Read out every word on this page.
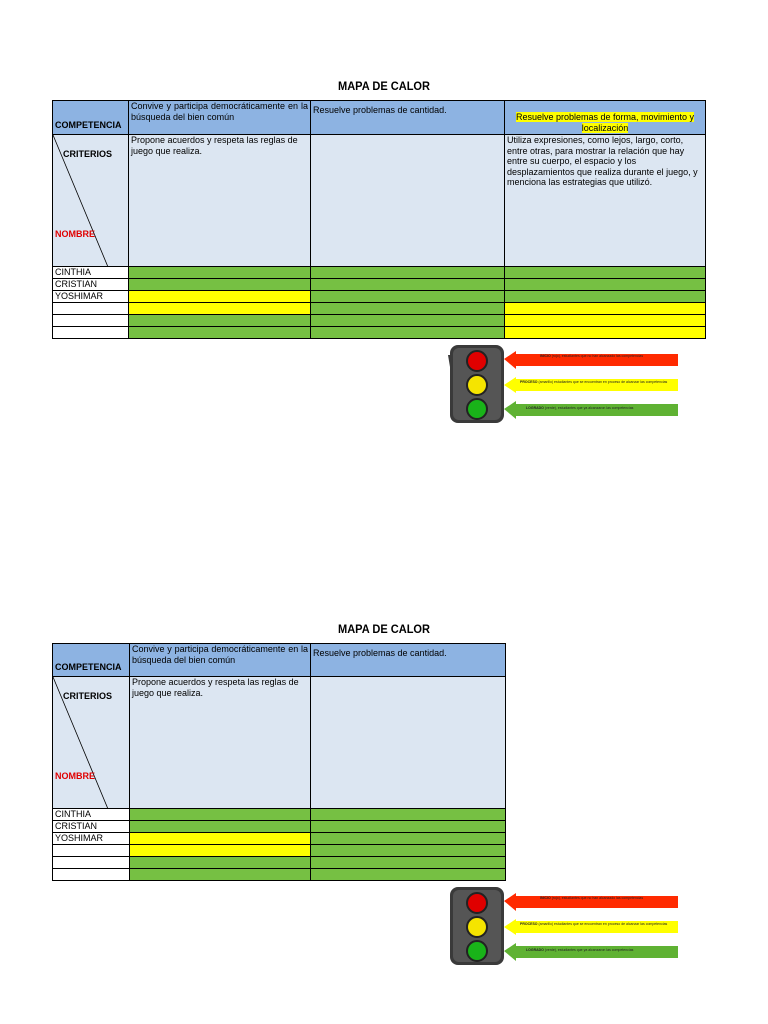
MAPA DE CALOR
COMPETENCIA	Convive y participa democráticamente en la búsqueda del bien común	Resuelve problemas de cantidad.	Resuelve problemas de forma, movimiento y localización

CRITERIOS
NOMBRE	Propone acuerdos y respeta las reglas de juego que realiza.		Utiliza expresiones, como lejos, largo, corto, entre otras, para mostrar la relación que hay entre su cuerpo, el espacio y los desplazamientos que realiza durante el juego, y menciona las estrategias que utilizó.
CINTHIA			
CRISTIAN			
YOSHIMAR			

INICIO (rojo), estudiantes que no han alcanzado las competencias
PROCESO (amarillo) estudiantes que se encuentran en proceso de alcanzar las competencias
LOGRADO (verde), estudiantes que ya alcanzaron las competencias
MAPA DE CALOR
COMPETENCIA	Convive y participa democráticamente en la búsqueda del bien común	Resuelve problemas de cantidad.

CRITERIOS
NOMBRE	Propone acuerdos y respeta las reglas de juego que realiza.	
CINTHIA		
CRISTIAN		
YOSHIMAR		

INICIO (rojo), estudiantes que no han alcanzado las competencias
PROCESO (amarillo) estudiantes que se encuentran en proceso de alcanzar las competencias
LOGRADO (verde), estudiantes que ya alcanzaron las competencias
